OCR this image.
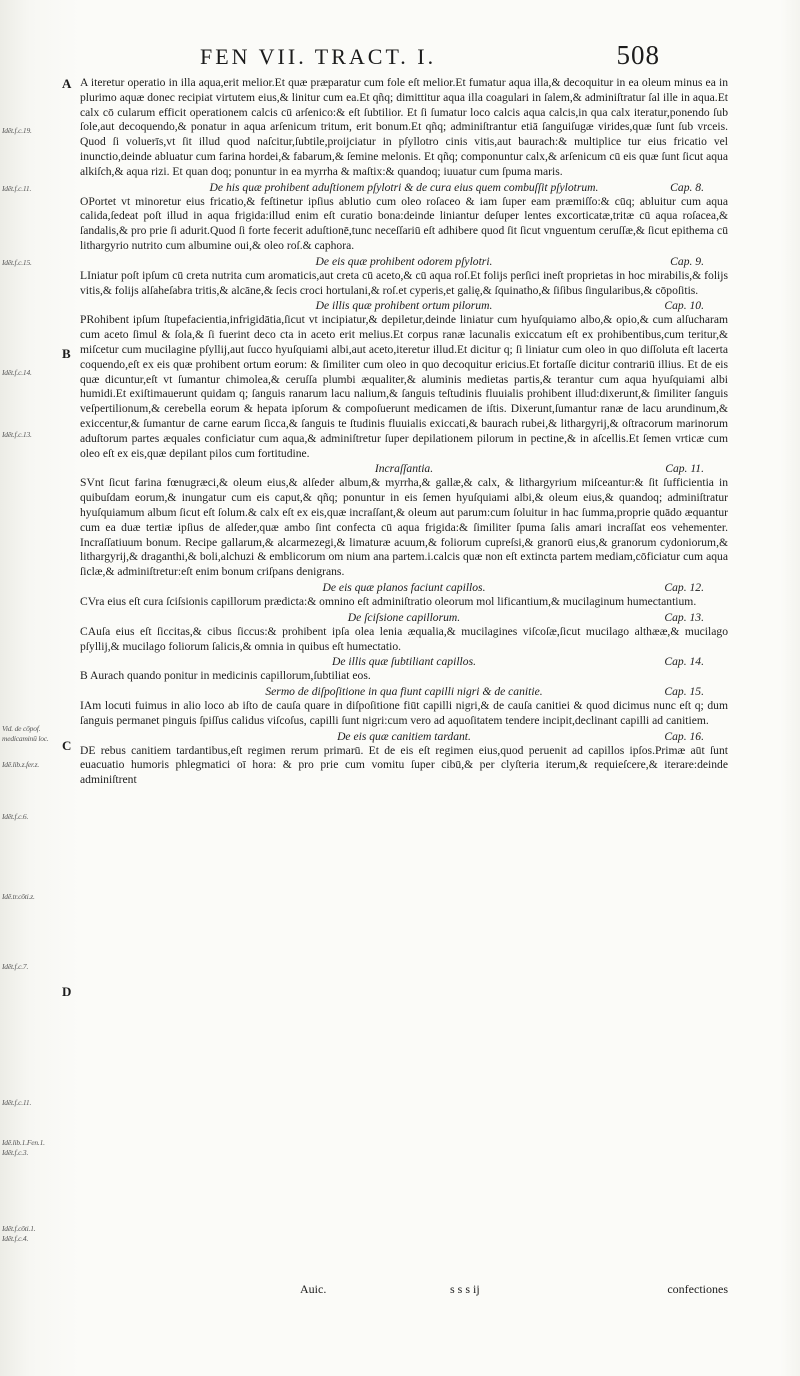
FEN VII. TRACT. I.	508
A
B
C
D
Idēt.f.c.19.
Idēt.f.c.11.
Idēt.f.c.15.
Idēt.f.c.14.
Idēt.f.c.13.
Vid. de cōpof.
medicaminū loc.
Idē.lib.z.fer.z.
Idēt.f.c.6.
Idē.tr.cōti.z.
Idēt.f.c.7.
Idēt.f.c.11.
Idē.lib.1.Fen.1.
Idēt.f.c.3.
Idēt.f.cōti.1.
Idēt.f.c.4.

A iteretur operatio in illa aqua,erit melior.Et quæ præparatur cum fole eſt melior.Et fumatur aqua illa,& decoquitur in ea oleum minus ea in plurimo aquæ donec recipiat virtutem eius,& linitur cum ea.Et qñq; dimittitur aqua illa coagulari in ſalem,& adminiſtratur ſal ille in aqua.Et calx cō cularum efficit operationem calcis cū arſenico:& eſt ſubtilior. Et ſi ſumatur loco calcis aqua calcis,in qua calx iteratur,ponendo ſub ſole,aut decoquendo,& ponatur in aqua arſenicum tritum, erit bonum.Et qñq; adminiſtrantur etiā ſanguiſugæ virides,quæ ſunt ſub vrceis. Quod ſi voluerīs,vt ſit illud quod naſcitur,ſubtile,proijciatur in pſyllotro cinis vitis,aut baurach:& multiplice tur eius fricatio vel inunctio,deinde abluatur cum farina hordei,& fabarum,& ſemine melonis. Et qñq; componuntur calx,& arſenicum cū eis quæ ſunt ſicut aqua alkiſch,& aqua rizi. Et quan doq; ponuntur in ea myrrha & maſtix:& quandoq; iuuatur cum ſpuma maris.

De his quæ prohibent aduſtionem pſylotri & de cura eius quem combuſſit pſylotrum.	Cap. 8.

OPortet vt minoretur eius fricatio,& feſtinetur ipſius ablutio cum oleo roſaceo & iam ſuper eam præmiſſo:& cūq; abluitur cum aqua calida,ſedeat poſt illud in aqua frigida:illud enim eſt curatio bona:deinde liniantur deſuper lentes excorticatæ,tritæ cū aqua roſacea,& ſandalis,& pro prie ſi adurit.Quod ſi forte fecerit aduſtionē,tunc neceſſariū eſt adhibere quod ſit ſicut vnguentum ceruſſæ,& ſicut epithema cū lithargyrio nutrito cum albumine oui,& oleo roſ.& caphora.

De eis quæ prohibent odorem pſylotri.	Cap. 9.

LIniatur poſt ipſum cū creta nutrita cum aromaticis,aut creta cū aceto,& cū aqua roſ.Et folijs perſici ineſt proprietas in hoc mirabilis,& folijs vitis,& folijs alſaheſabra tritis,& alcāne,& ſecis croci hortulani,& roſ.et cyperis,et galię,& ſquinatho,& ſiſibus ſingularibus,& cōpoſitis.

De illis quæ prohibent ortum pilorum.	Cap. 10.

PRohibent ipſum ſtupefacientia,infrigidātia,ſicut vt incipiatur,& depiletur,deinde liniatur cum hyuſquiamo albo,& opio,& cum alſucharam cum aceto ſimul & ſola,& ſi fuerint deco cta in aceto erit melius.Et corpus ranæ lacunalis exiccatum eſt ex prohibentibus,cum teritur,& miſcetur cum mucilagine pſyllij,aut ſucco hyuſquiami albi,aut aceto,iteretur illud.Et dicitur q; ſi liniatur cum oleo in quo diſſoluta eſt lacerta coquendo,eſt ex eis quæ prohibent ortum eorum: & ſimiliter cum oleo in quo decoquitur ericius.Et fortaſſe dicitur contrariū illius. Et de eis quæ dicuntur,eſt vt ſumantur chimolea,& ceruſſa plumbi æqualiter,& aluminis medietas partis,& terantur cum aqua hyuſquiami albi humidi.Et exiſtimauerunt quidam q; ſanguis ranarum lacu nalium,& ſanguis teſtudinis fluuialis prohibent illud:dixerunt,& ſimiliter ſanguis veſpertilionum,& cerebella eorum & hepata ipſorum & compoſuerunt medicamen de iſtis. Dixerunt,ſumantur ranæ de lacu arundinum,& exiccentur,& ſumantur de carne earum ſicca,& ſanguis te ſtudinis fluuialis exiccati,& baurach rubei,& lithargyrij,& oſtracorum marinorum aduſtorum partes æquales conficiatur cum aqua,& adminiſtretur ſuper depilationem pilorum in pectine,& in aſcellis.Et ſemen vrticæ cum oleo eſt ex eis,quæ depilant pilos cum fortitudine.

Incraſſantia.	Cap. 11.

SVnt ſicut farina fœnugræci,& oleum eius,& alſeder album,& myrrha,& gallæ,& calx, & lithargyrium miſceantur:& ſit ſufficientia in quibuſdam eorum,& inungatur cum eis caput,& qñq; ponuntur in eis ſemen hyuſquiami albi,& oleum eius,& quandoq; adminiſtratur hyuſquiamum album ſicut eſt ſolum.& calx eſt ex eis,quæ incraſſant,& oleum aut parum:cum ſoluitur in hac ſumma,proprie quādo æquantur cum ea duæ tertiæ ipſius de alſeder,quæ ambo ſint confecta cū aqua frigida:& ſimiliter ſpuma ſalis amari incraſſat eos vehementer. Incraſſatiuum bonum. Recipe gallarum,& alcarmezegi,& limaturæ acuum,& foliorum cupreſsi,& granorū eius,& granorum cydoniorum,& lithargyrij,& draganthi,& boli,alchuzi & emblicorum om nium ana partem.i.calcis quæ non eſt extincta partem mediam,cōficiatur cum aqua ſiclæ,& adminiſtretur:eſt enim bonum criſpans denigrans.

De eis quæ planos faciunt capillos.	Cap. 12.

CVra eius eſt cura ſciſsionis capillorum prædicta:& omnino eſt adminiſtratio oleorum mol lificantium,& mucilaginum humectantium.

De ſciſsione capillorum.	Cap. 13.

CAuſa eius eſt ſiccitas,& cibus ſiccus:& prohibent ipſa olea lenia æqualia,& mucilagines viſcoſæ,ſicut mucilago althææ,& mucilago pſyllij,& mucilago foliorum ſalicis,& omnia in quibus eſt humectatio.

De illis quæ ſubtiliant capillos.	Cap. 14.

B Aurach quando ponitur in medicinis capillorum,ſubtiliat eos.

Sermo de diſpoſitione in qua fiunt capilli nigri & de canitie.	Cap. 15.

IAm locuti fuimus in alio loco ab iſto de cauſa quare in diſpoſitione fiūt capilli nigri,& de cauſa canitiei & quod dicimus nunc eſt q; dum ſanguis permanet pinguis ſpiſſus calidus viſcoſus, capilli ſunt nigri:cum vero ad aquoſitatem tendere incipit,declinant capilli ad canitiem.

De eis quæ canitiem tardant.	Cap. 16.

DE rebus canitiem tardantibus,eſt regimen rerum primarū. Et de eis eſt regimen eius,quod peruenit ad capillos ipſos.Primæ aūt ſunt euacuatio humoris phlegmatici oī hora: & pro prie cum vomitu ſuper cibū,& per clyſteria iterum,& requieſcere,& iterare:deinde adminiſtrent

Auic.	s s s ij	confectiones
